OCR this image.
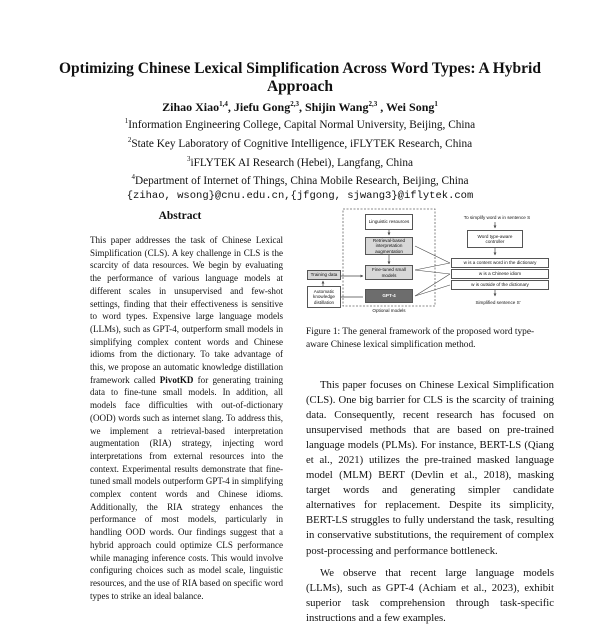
Optimizing Chinese Lexical Simplification Across Word Types: A Hybrid Approach
Zihao Xiao$^{1,4}$, Jiefu Gong$^{2,3}$, Shijin Wang$^{2,3}$ , Wei Song$^1$
$^1$Information Engineering College, Capital Normal University, Beijing, China
$^2$State Key Laboratory of Cognitive Intelligence, iFLYTEK Research, China
$^3$iFLYTEK AI Research (Hebei), Langfang, China
$^4$Department of Internet of Things, China Mobile Research, Beijing, China
{zihao, wsong}@cnu.edu.cn,{jfgong, sjwang3}@iflytek.com
Abstract
This paper addresses the task of Chinese Lexical Simplification (CLS). A key challenge in CLS is the scarcity of data resources. We begin by evaluating the performance of various language models at different scales in unsupervised and few-shot settings, finding that their effectiveness is sensitive to word types. Expensive large language models (LLMs), such as GPT-4, outperform small models in simplifying complex content words and Chinese idioms from the dictionary. To take advantage of this, we propose an automatic knowledge distillation framework called PivotKD for generating training data to fine-tune small models. In addition, all models face difficulties with out-of-dictionary (OOD) words such as internet slang. To address this, we implement a retrieval-based interpretation augmentation (RIA) strategy, injecting word interpretations from external resources into the context. Experimental results demonstrate that fine-tuned small models outperform GPT-4 in simplifying complex content words and Chinese idioms. Additionally, the RIA strategy enhances the performance of most models, particularly in handling OOD words. Our findings suggest that a hybrid approach could optimize CLS performance while managing inference costs. This would involve configuring choices such as model scale, linguistic resources, and the use of RIA based on specific word types to strike an ideal balance.
Linguistic resources
Retrieval-based interpretation augmentation
Fine-tuned small models
GPT-4
Training data
Automatic knowledge distillation
Optional models
To simplify word w in sentence S
Word type-aware controller
w is a content word in the dictionary
w is a Chinese idiom
w is outside of the dictionary
Simplified sentence S'
Figure 1: The general framework of the proposed word type-aware Chinese lexical simplification method.

This paper focuses on Chinese Lexical Simplification (CLS). One big barrier for CLS is the scarcity of training data. Consequently, recent research has focused on unsupervised methods that are based on pre-trained language models (PLMs). For instance, BERT-LS (Qiang et al., 2021) utilizes the pre-trained masked language model (MLM) BERT (Devlin et al., 2018), masking target words and generating simpler candidate alternatives for replacement. Despite its simplicity, BERT-LS struggles to fully understand the task, resulting in conservative substitutions, the requirement of complex post-processing and performance bottleneck.

We observe that recent large language models (LLMs), such as GPT-4 (Achiam et al., 2023), exhibit superior task comprehension through task-specific instructions and a few examples.
